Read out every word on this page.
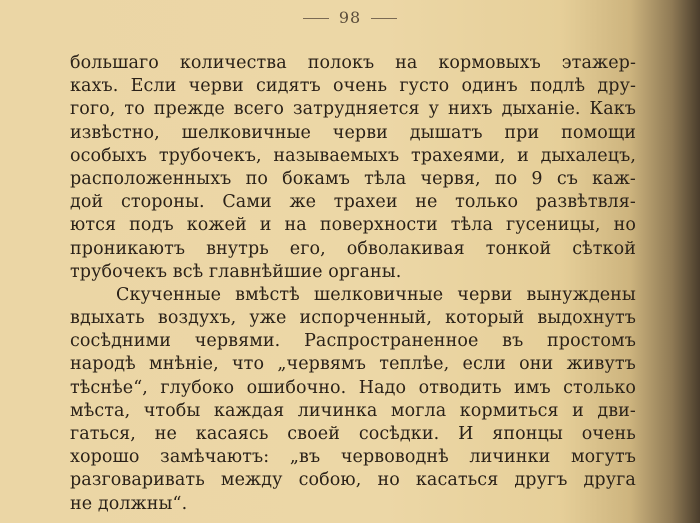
98
большаго количества полокъ на кормовыхъ этажер-
кахъ. Если черви сидятъ очень густо одинъ подлѣ дру-
гого, то прежде всего затрудняется у нихъ дыханіе. Какъ
извѣстно, шелковичные черви дышатъ при помощи
особыхъ трубочекъ, называемыхъ трахеями, и дыхалецъ,
расположенныхъ по бокамъ тѣла червя, по 9 съ каж-
дой стороны. Сами же трахеи не только развѣтвля-
ются подъ кожей и на поверхности тѣла гусеницы, но
проникаютъ внутрь его, обволакивая тонкой сѣткой
трубочекъ всѣ главнѣйшие органы.
Скученные вмѣстѣ шелковичные черви вынуждены
вдыхать воздухъ, уже испорченный, который выдохнутъ
сосѣдними червями. Распространенное въ простомъ
народѣ мнѣніе, что „червямъ теплѣе, если они живутъ
тѣснѣе“, глубоко ошибочно. Надо отводить имъ столько
мѣста, чтобы каждая личинка могла кормиться и дви-
гаться, не касаясь своей сосѣдки. И японцы очень
хорошо замѣчаютъ: „въ червоводнѣ личинки могутъ
разговаривать между собою, но касаться другъ друга
не должны“.
